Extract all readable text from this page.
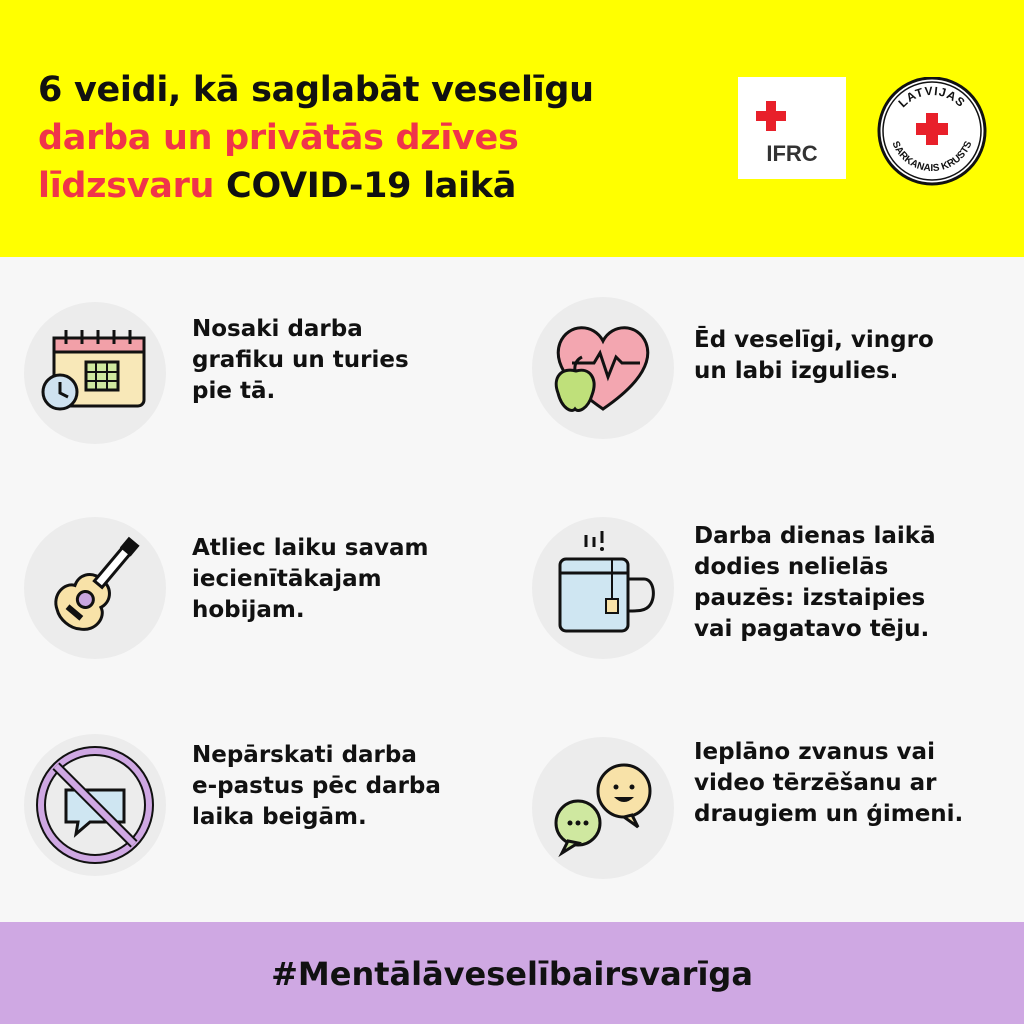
6 veidi, kā saglabāt veselīgu
darba un privātās dzīves
līdzsvaru COVID-19 laikā
IFRC
LATVIJAS
SARKANAIS KRUSTS
Nosaki darba
grafiku un turies
pie tā.
Ēd veselīgi, vingro
un labi izgulies.
Atliec laiku savam
iecienītākajam
hobijam.
Darba dienas laikā
dodies nelielās
pauzēs: izstaipies
vai pagatavo tēju.
Nepārskati darba
e-pastus pēc darba
laika beigām.
Ieplāno zvanus vai
video tērzēšanu ar
draugiem un ģimeni.
#Mentālāveselībairsvarīga
